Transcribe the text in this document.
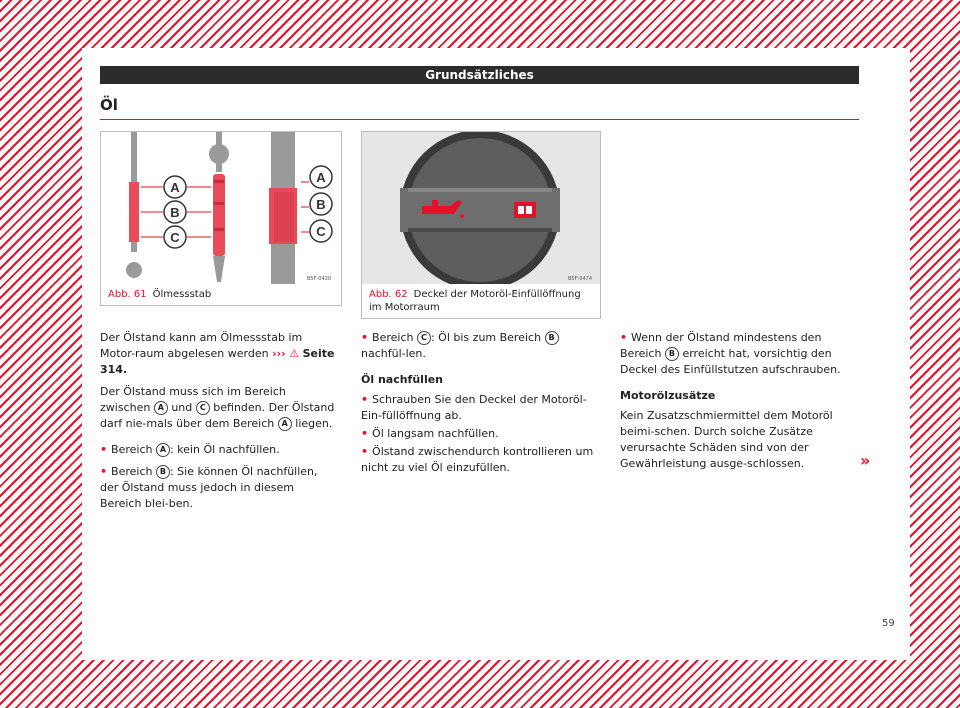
Grundsätzliches
Öl
A
B
C
A
B
C
B5F-0430
Abb. 61 Ölmessstab
B5F-0474
Abb. 62 Deckel der Motoröl-Einfüllöffnung im Motorraum

Der Ölstand kann am Ölmessstab im Motor-raum abgelesen werden ››› ⚠ Seite 314.

Der Ölstand muss sich im Bereich zwischen A und C befinden. Der Ölstand darf nie-mals über dem Bereich A liegen.

• Bereich A : kein Öl nachfüllen.

• Bereich B : Sie können Öl nachfüllen, der Ölstand muss jedoch in diesem Bereich blei-ben.

• Bereich C : Öl bis zum Bereich B nachfül-len.

Öl nachfüllen

• Schrauben Sie den Deckel der Motoröl-Ein-füllöffnung ab.

• Öl langsam nachfüllen.

• Ölstand zwischendurch kontrollieren um nicht zu viel Öl einzufüllen.

• Wenn der Ölstand mindestens den Bereich B erreicht hat, vorsichtig den Deckel des Einfüllstutzen aufschrauben.

Motorölzusätze

Kein Zusatzschmiermittel dem Motoröl beimi-schen. Durch solche Zusätze verursachte Schäden sind von der Gewährleistung ausge-schlossen.	»
59
